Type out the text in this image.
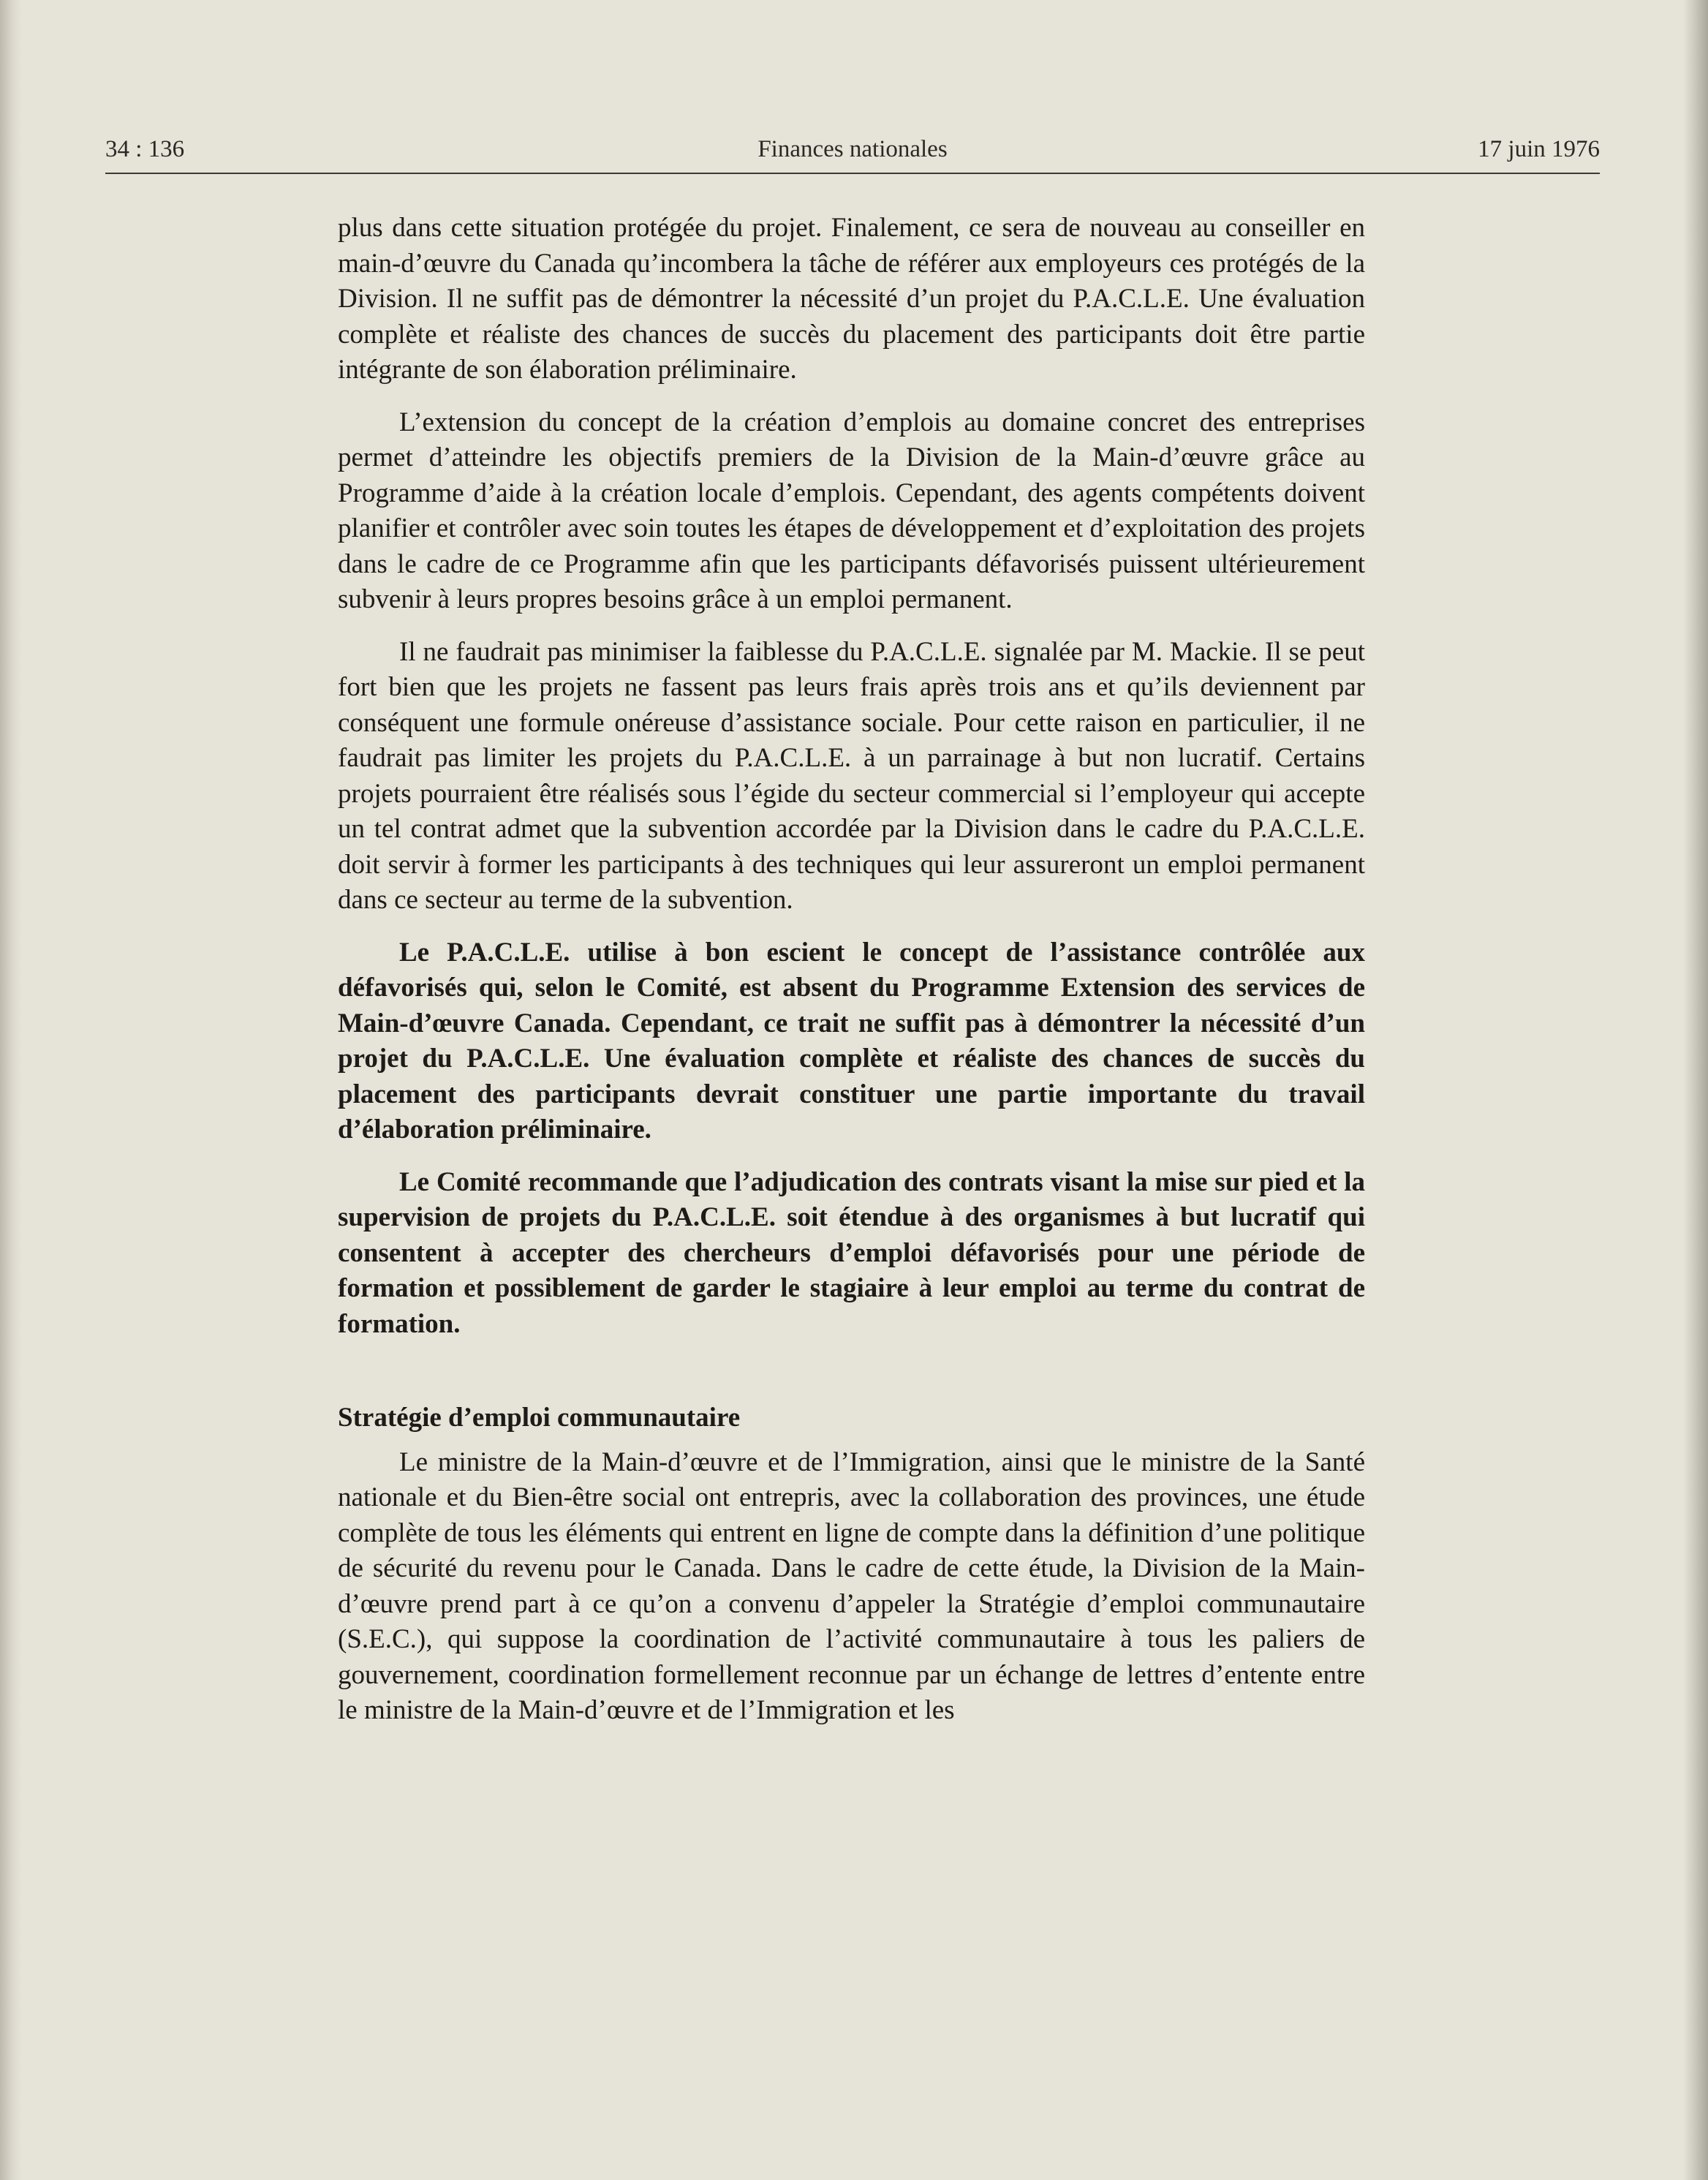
34 : 136	Finances nationales	17 juin 1976

plus dans cette situation protégée du projet. Finalement, ce sera de nouveau au conseiller en main-d’œuvre du Canada qu’incombera la tâche de référer aux employeurs ces protégés de la Division. Il ne suffit pas de démontrer la nécessité d’un projet du P.A.C.L.E. Une évaluation complète et réaliste des chances de succès du placement des participants doit être partie intégrante de son élaboration préliminaire.

L’extension du concept de la création d’emplois au domaine concret des entreprises permet d’atteindre les objectifs premiers de la Division de la Main-d’œuvre grâce au Programme d’aide à la création locale d’emplois. Cependant, des agents compétents doivent planifier et contrôler avec soin toutes les étapes de développement et d’exploitation des projets dans le cadre de ce Programme afin que les participants défavorisés puissent ultérieurement subvenir à leurs propres besoins grâce à un emploi permanent.

Il ne faudrait pas minimiser la faiblesse du P.A.C.L.E. signalée par M. Mackie. Il se peut fort bien que les projets ne fassent pas leurs frais après trois ans et qu’ils deviennent par conséquent une formule onéreuse d’assistance sociale. Pour cette raison en particulier, il ne faudrait pas limiter les projets du P.A.C.L.E. à un parrainage à but non lucratif. Certains projets pourraient être réalisés sous l’égide du secteur commercial si l’employeur qui accepte un tel contrat admet que la subvention accordée par la Division dans le cadre du P.A.C.L.E. doit servir à former les participants à des techniques qui leur assureront un emploi permanent dans ce secteur au terme de la subvention.

Le P.A.C.L.E. utilise à bon escient le concept de l’assistance contrôlée aux défavorisés qui, selon le Comité, est absent du Programme Extension des services de Main-d’œuvre Canada. Cependant, ce trait ne suffit pas à démontrer la nécessité d’un projet du P.A.C.L.E. Une évaluation complète et réaliste des chances de succès du placement des participants devrait constituer une partie importante du travail d’élaboration préliminaire.

Le Comité recommande que l’adjudication des contrats visant la mise sur pied et la supervision de projets du P.A.C.L.E. soit étendue à des organismes à but lucratif qui consentent à accepter des chercheurs d’emploi défavorisés pour une période de formation et possiblement de garder le stagiaire à leur emploi au terme du contrat de formation.

Stratégie d’emploi communautaire

Le ministre de la Main-d’œuvre et de l’Immigration, ainsi que le ministre de la Santé nationale et du Bien-être social ont entrepris, avec la collaboration des provinces, une étude complète de tous les éléments qui entrent en ligne de compte dans la définition d’une politique de sécurité du revenu pour le Canada. Dans le cadre de cette étude, la Division de la Main-d’œuvre prend part à ce qu’on a convenu d’appeler la Stratégie d’emploi communautaire (S.E.C.), qui suppose la coordination de l’activité communautaire à tous les paliers de gouvernement, coordination formellement reconnue par un échange de lettres d’entente entre le ministre de la Main-d’œuvre et de l’Immigration et les
